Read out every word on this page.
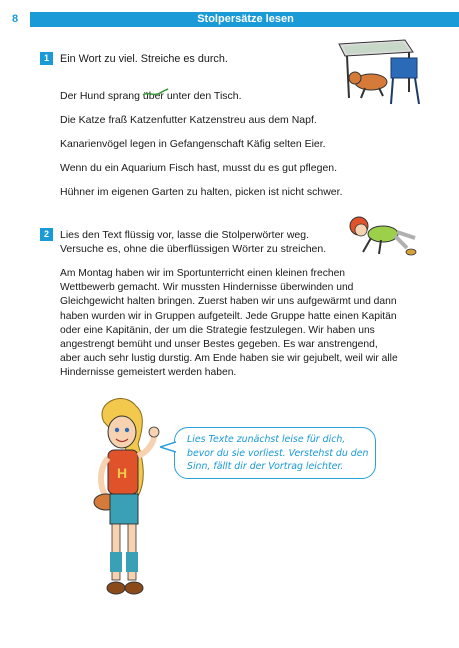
8	Stolpersätze lesen
1	Ein Wort zu viel. Streiche es durch.
Der Hund sprang über
unter den Tisch.
Die Katze fraß Katzenfutter Katzenstreu aus dem Napf.
Kanarienvögel legen in Gefangenschaft Käfig selten Eier.
Wenn du ein Aquarium Fisch hast, musst du es gut pflegen.
Hühner im eigenen Garten zu halten, picken ist nicht schwer.
2	Lies den Text flüssig vor, lasse die Stolperwörter weg.
Versuche es, ohne die überflüssigen Wörter zu streichen.
Am Montag haben wir im Sportunterricht einen kleinen frechen Wettbewerb gemacht. Wir mussten Hindernisse überwinden und Gleichgewicht halten bringen. Zuerst haben wir uns aufgewärmt und dann haben wurden wir in Gruppen aufgeteilt. Jede Gruppe hatte einen Kapitän oder eine Kapitänin, der um die Strategie festzulegen. Wir haben uns angestrengt bemüht und unser Bestes gegeben. Es war anstrengend, aber auch sehr lustig durstig. Am Ende haben sie wir gejubelt, weil wir alle Hindernisse gemeistert werden haben.
H
Lies Texte zunächst leise für dich, bevor du sie vorliest. Verstehst du den Sinn, fällt dir der Vortrag leichter.
